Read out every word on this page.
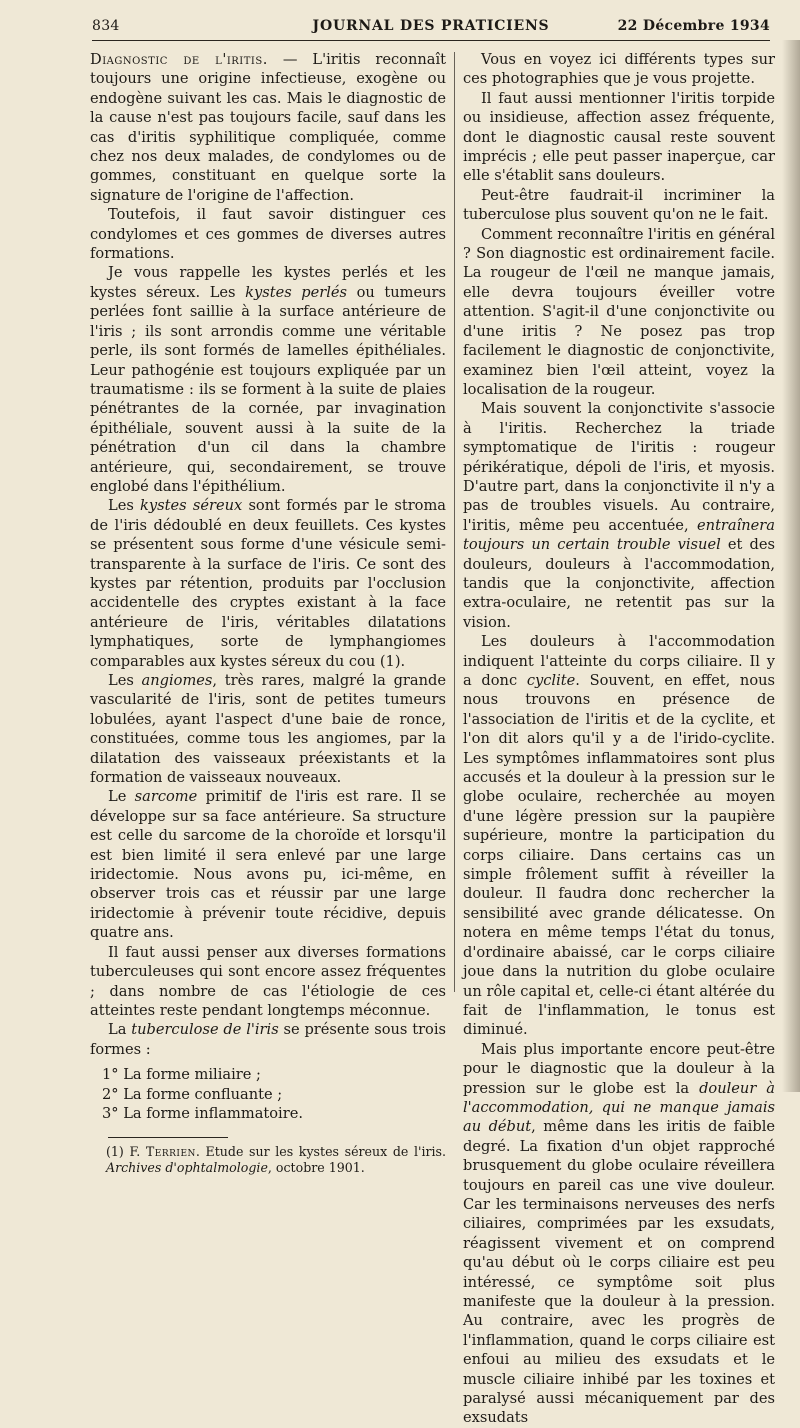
834	JOURNAL DES PRATICIENS	22 Décembre 1934

Diagnostic de l'iritis. — L'iritis reconnaît toujours une origine infectieuse, exogène ou endogène suivant les cas. Mais le diagnostic de la cause n'est pas toujours facile, sauf dans les cas d'iritis syphilitique compliquée, comme chez nos deux malades, de condylomes ou de gommes, constituant en quelque sorte la signature de l'origine de l'affection.

Toutefois, il faut savoir distinguer ces condylomes et ces gommes de diverses autres formations.

Je vous rappelle les kystes perlés et les kystes séreux. Les kystes perlés ou tumeurs perlées font saillie à la surface antérieure de l'iris ; ils sont arrondis comme une véritable perle, ils sont formés de lamelles épithéliales. Leur pathogénie est toujours expliquée par un traumatisme : ils se forment à la suite de plaies pénétrantes de la cornée, par invagination épithéliale, souvent aussi à la suite de la pénétration d'un cil dans la chambre antérieure, qui, secondairement, se trouve englobé dans l'épithélium.

Les kystes séreux sont formés par le stroma de l'iris dédoublé en deux feuillets. Ces kystes se présentent sous forme d'une vésicule semi-transparente à la surface de l'iris. Ce sont des kystes par rétention, produits par l'occlusion accidentelle des cryptes existant à la face antérieure de l'iris, véritables dilatations lymphatiques, sorte de lymphangiomes comparables aux kystes séreux du cou (1).

Les angiomes, très rares, malgré la grande vascularité de l'iris, sont de petites tumeurs lobulées, ayant l'aspect d'une baie de ronce, constituées, comme tous les angiomes, par la dilatation des vaisseaux préexistants et la formation de vaisseaux nouveaux.

Le sarcome primitif de l'iris est rare. Il se développe sur sa face antérieure. Sa structure est celle du sarcome de la choroïde et lorsqu'il est bien limité il sera enlevé par une large iridectomie. Nous avons pu, ici-même, en observer trois cas et réussir par une large iridectomie à prévenir toute récidive, depuis quatre ans.

Il faut aussi penser aux diverses formations tuberculeuses qui sont encore assez fréquentes ; dans nombre de cas l'étiologie de ces atteintes reste pendant longtemps méconnue.

La tuberculose de l'iris se présente sous trois formes :

1° La forme miliaire ;
2° La forme confluante ;
3° La forme inflammatoire.

(1) F. Terrien. Etude sur les kystes séreux de l'iris. Archives d'ophtalmologie, octobre 1901.

Vous en voyez ici différents types sur ces photographies que je vous projette.

Il faut aussi mentionner l'iritis torpide ou insidieuse, affection assez fréquente, dont le diagnostic causal reste souvent imprécis ; elle peut passer inaperçue, car elle s'établit sans douleurs.

Peut-être faudrait-il incriminer la tuberculose plus souvent qu'on ne le fait.

Comment reconnaître l'iritis en général ? Son diagnostic est ordinairement facile. La rougeur de l'œil ne manque jamais, elle devra toujours éveiller votre attention. S'agit-il d'une conjonctivite ou d'une iritis ? Ne posez pas trop facilement le diagnostic de conjonctivite, examinez bien l'œil atteint, voyez la localisation de la rougeur.

Mais souvent la conjonctivite s'associe à l'iritis. Recherchez la triade symptomatique de l'iritis : rougeur périkératique, dépoli de l'iris, et myosis. D'autre part, dans la conjonctivite il n'y a pas de troubles visuels. Au contraire, l'iritis, même peu accentuée, entraînera toujours un certain trouble visuel et des douleurs, douleurs à l'accommodation, tandis que la conjonctivite, affection extra-oculaire, ne retentit pas sur la vision.

Les douleurs à l'accommodation indiquent l'atteinte du corps ciliaire. Il y a donc cyclite. Souvent, en effet, nous nous trouvons en présence de l'association de l'iritis et de la cyclite, et l'on dit alors qu'il y a de l'irido-cyclite. Les symptômes inflammatoires sont plus accusés et la douleur à la pression sur le globe oculaire, recherchée au moyen d'une légère pression sur la paupière supérieure, montre la participation du corps ciliaire. Dans certains cas un simple frôlement suffit à réveiller la douleur. Il faudra donc rechercher la sensibilité avec grande délicatesse. On notera en même temps l'état du tonus, d'ordinaire abaissé, car le corps ciliaire joue dans la nutrition du globe oculaire un rôle capital et, celle-ci étant altérée du fait de l'inflammation, le tonus est diminué.

Mais plus importante encore peut-être pour le diagnostic que la douleur à la pression sur le globe est la douleur à l'accommodation, qui ne manque jamais au début, même dans les iritis de faible degré. La fixation d'un objet rapproché brusquement du globe oculaire réveillera toujours en pareil cas une vive douleur. Car les terminaisons nerveuses des nerfs ciliaires, comprimées par les exsudats, réagissent vivement et on comprend qu'au début où le corps ciliaire est peu intéressé, ce symptôme soit plus manifeste que la douleur à la pression. Au contraire, avec les progrès de l'inflammation, quand le corps ciliaire est enfoui au milieu des exsudats et le muscle ciliaire inhibé par les toxines et paralysé aussi mécaniquement par des exsudats
